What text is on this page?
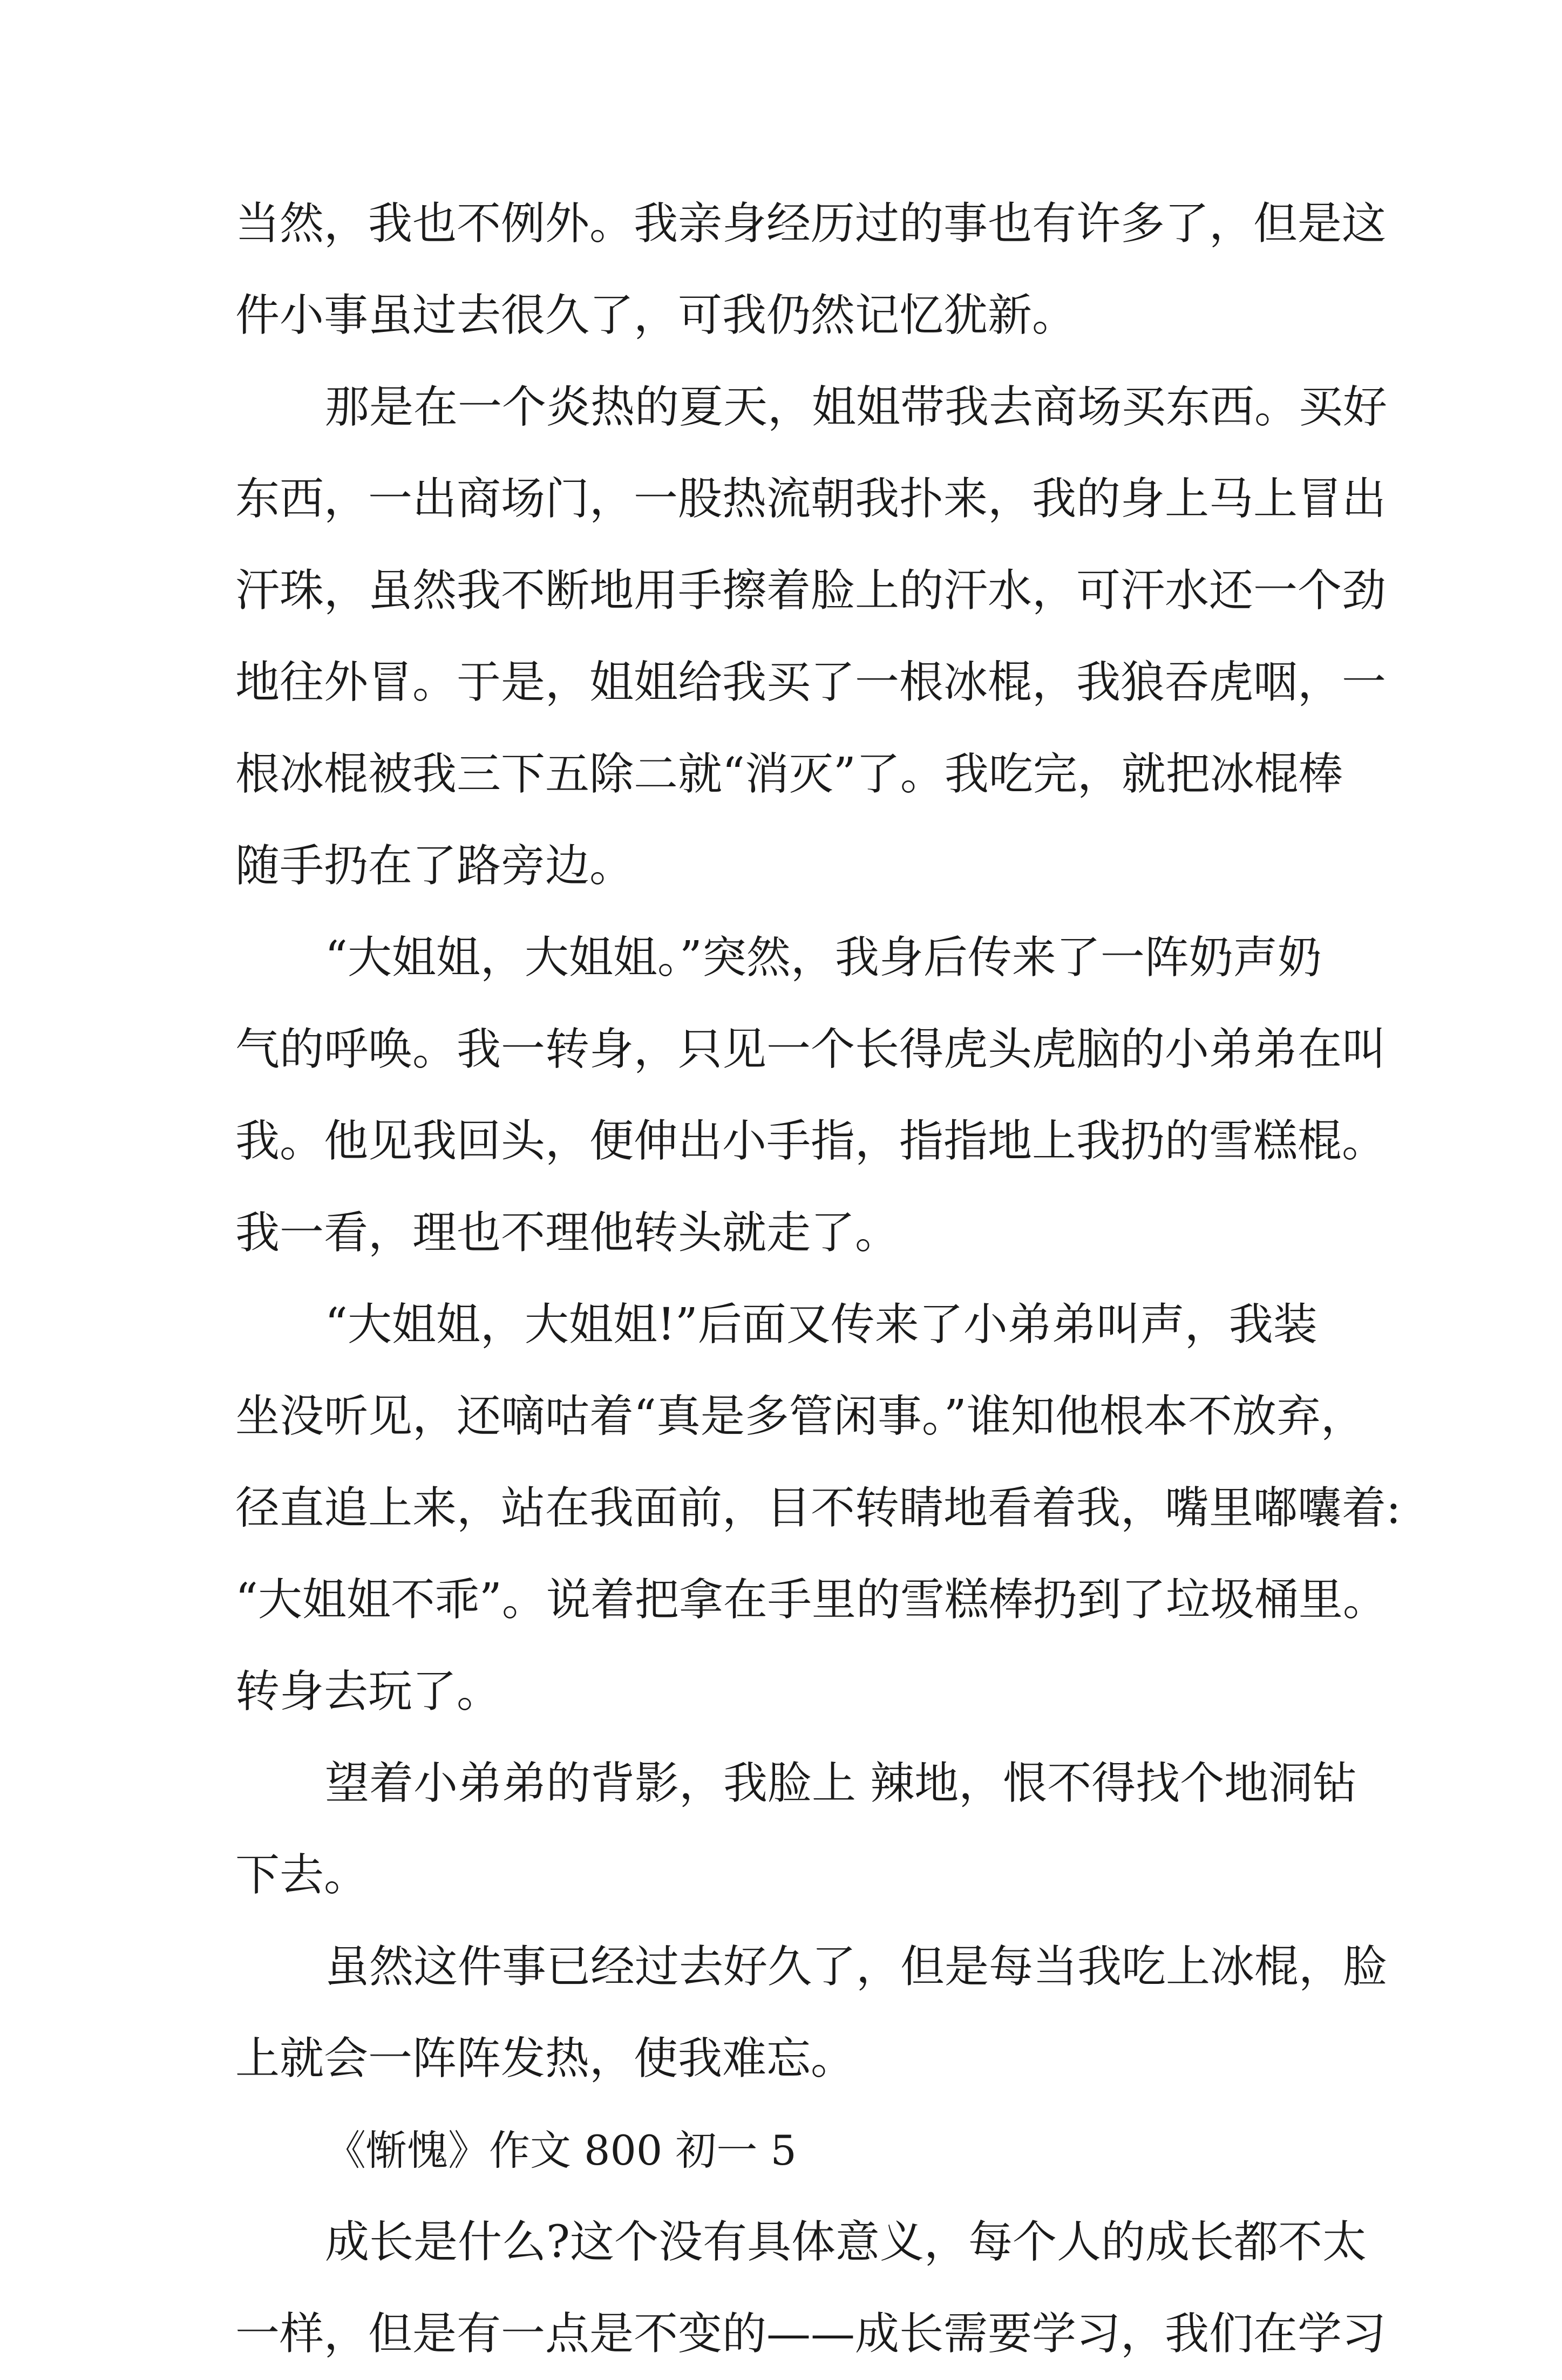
当然，我也不例外。我亲身经历过的事也有许多了，但是这
件小事虽过去很久了，可我仍然记忆犹新。
那是在一个炎热的夏天，姐姐带我去商场买东西。买好
东西，一出商场门，一股热流朝我扑来，我的身上马上冒出
汗珠，虽然我不断地用手擦着脸上的汗水，可汗水还一个劲
地往外冒。于是，姐姐给我买了一根冰棍，我狼吞虎咽，一
根冰棍被我三下五除二就“消灭”了。我吃完，就把冰棍棒
随手扔在了路旁边。
“大姐姐，大姐姐。”突然，我身后传来了一阵奶声奶
气的呼唤。我一转身，只见一个长得虎头虎脑的小弟弟在叫
我。他见我回头，便伸出小手指，指指地上我扔的雪糕棍。
我一看，理也不理他转头就走了。
“大姐姐，大姐姐!”后面又传来了小弟弟叫声，我装
坐没听见，还嘀咕着“真是多管闲事。”谁知他根本不放弃，
径直追上来，站在我面前，目不转睛地看着我，嘴里嘟囔着:
“大姐姐不乖”。说着把拿在手里的雪糕棒扔到了垃圾桶里。
转身去玩了。
望着小弟弟的背影，我脸上 辣地，恨不得找个地洞钻
下去。
虽然这件事已经过去好久了，但是每当我吃上冰棍，脸
上就会一阵阵发热，使我难忘。
《惭愧》作文 800 初一 5
成长是什么?这个没有具体意义，每个人的成长都不太
一样，但是有一点是不变的——成长需要学习，我们在学习
